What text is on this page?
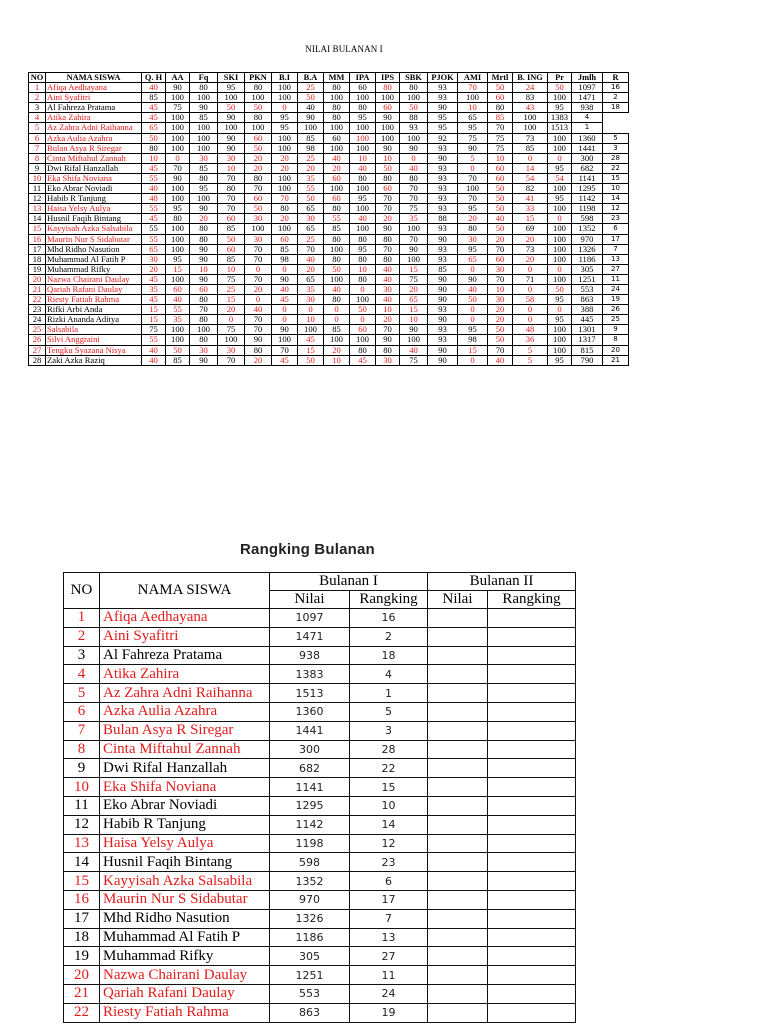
NILAI BULANAN I
NO	NAMA SISWA	Q. H	AA	Fq	SKI	PKN	B.I	B.A	MM	IPA	IPS	SBK	PJOK	AMI	Mrtl	B. ING	Pr	Jmlh	R
1	Afiqa Aedhayana	40	90	80	95	80	100	25	80	60	80	80	93	70	50	24	50	1097	16
2	Aini Syafitri	85	100	100	100	100	100	50	100	100	100	100	93	100	60	83	100	1471	2
3	Al Fahreza Pratama	45	75	90	50	50	0	40	80	80	60	50	90	10	80	43	95	938	18
4	Atika Zahira	45	100	85	90	80	95	90	80	95	90	88	95	65	85	100	1383	4	
5	Az Zahra Adni Raihanna	65	100	100	100	100	95	100	100	100	100	93	95	95	70	100	1513	1	
6	Azka Aulia Azahra	50	100	100	90	60	100	85	60	100	100	100	92	75	75	73	100	1360	5
7	Bulan Asya R Siregar	80	100	100	90	50	100	98	100	100	90	90	93	90	75	85	100	1441	3
8	Cinta Miftahul Zannah	10	0	30	30	20	20	25	40	10	10	0	90	5	10	0	0	300	28
9	Dwi Rifal Hanzallah	45	70	85	10	20	20	20	20	40	50	40	93	0	60	14	95	682	22
10	Eka Shifa Noviana	55	90	80	70	80	100	35	60	80	80	80	93	70	60	54	54	1141	15
11	Eko Abrar Noviadi	40	100	95	80	70	100	55	100	100	60	70	93	100	50	82	100	1295	10
12	Habib R Tanjung	48	100	100	70	60	70	50	60	95	70	70	93	70	50	41	95	1142	14
13	Haisa Yelsy Aulya	55	95	90	70	50	80	65	80	100	70	75	93	95	50	33	100	1198	12
14	Husnil Faqih Bintang	45	80	20	60	30	20	30	55	40	20	35	88	20	40	15	0	598	23
15	Kayyisah Azka Salsabila	55	100	80	85	100	100	65	85	100	90	100	93	80	50	69	100	1352	6
16	Maurin Nur S Sidabutar	55	100	80	50	30	60	25	80	80	80	70	90	30	20	20	100	970	17
17	Mhd Ridho Nasution	65	100	90	60	70	85	70	100	95	70	90	93	95	70	73	100	1326	7
18	Muhammad Al Fatih P	30	95	90	85	70	98	40	80	80	80	100	93	65	60	20	100	1186	13
19	Muhammad Rifky	20	15	10	10	0	0	20	50	10	40	15	85	0	30	0	0	305	27
20	Nazwa Chairani Daulay	45	100	90	75	70	90	65	100	80	40	75	90	90	70	71	100	1251	11
21	Qariah Rafani Daulay	35	60	60	25	20	40	35	40	0	30	20	90	40	10	0	50	553	24
22	Riesty Fatiah Rahma	45	40	80	15	0	45	30	80	100	40	65	90	50	30	58	95	863	19
23	Rifki Arbi Anda	15	55	70	20	40	0	0	0	50	10	15	93	0	20	0	0	388	26
24	Rizki Ananda Aditya	15	35	80	0	70	0	10	0	0	20	10	90	0	20	0	95	445	25
25	Salsabila	75	100	100	75	70	90	100	85	60	70	90	93	95	50	48	100	1301	9
26	Silvi Anggraini	55	100	80	100	90	100	45	100	100	90	100	93	98	50	36	100	1317	8
27	Tengku Syazana Nisya	40	50	30	30	80	70	15	20	80	80	40	90	15	70	5	100	815	20
28	Zaki Azka Raziq	40	85	90	70	20	45	50	10	45	30	75	90	0	40	5	95	790	21
Rangking Bulanan
NO	NAMA SISWA	Bulanan I		Bulanan II	
		Nilai	Rangking	Nilai	Rangking
1	Afiqa Aedhayana	1097	16		
2	Aini Syafitri	1471	2		
3	Al Fahreza Pratama	938	18		
4	Atika Zahira	1383	4		
5	Az Zahra Adni Raihanna	1513	1		
6	Azka Aulia Azahra	1360	5		
7	Bulan Asya R Siregar	1441	3		
8	Cinta Miftahul Zannah	300	28		
9	Dwi Rifal Hanzallah	682	22		
10	Eka Shifa Noviana	1141	15		
11	Eko Abrar Noviadi	1295	10		
12	Habib R Tanjung	1142	14		
13	Haisa Yelsy Aulya	1198	12		
14	Husnil Faqih Bintang	598	23		
15	Kayyisah Azka Salsabila	1352	6		
16	Maurin Nur S Sidabutar	970	17		
17	Mhd Ridho Nasution	1326	7		
18	Muhammad Al Fatih P	1186	13		
19	Muhammad Rifky	305	27		
20	Nazwa Chairani Daulay	1251	11		
21	Qariah Rafani Daulay	553	24		
22	Riesty Fatiah Rahma	863	19		
